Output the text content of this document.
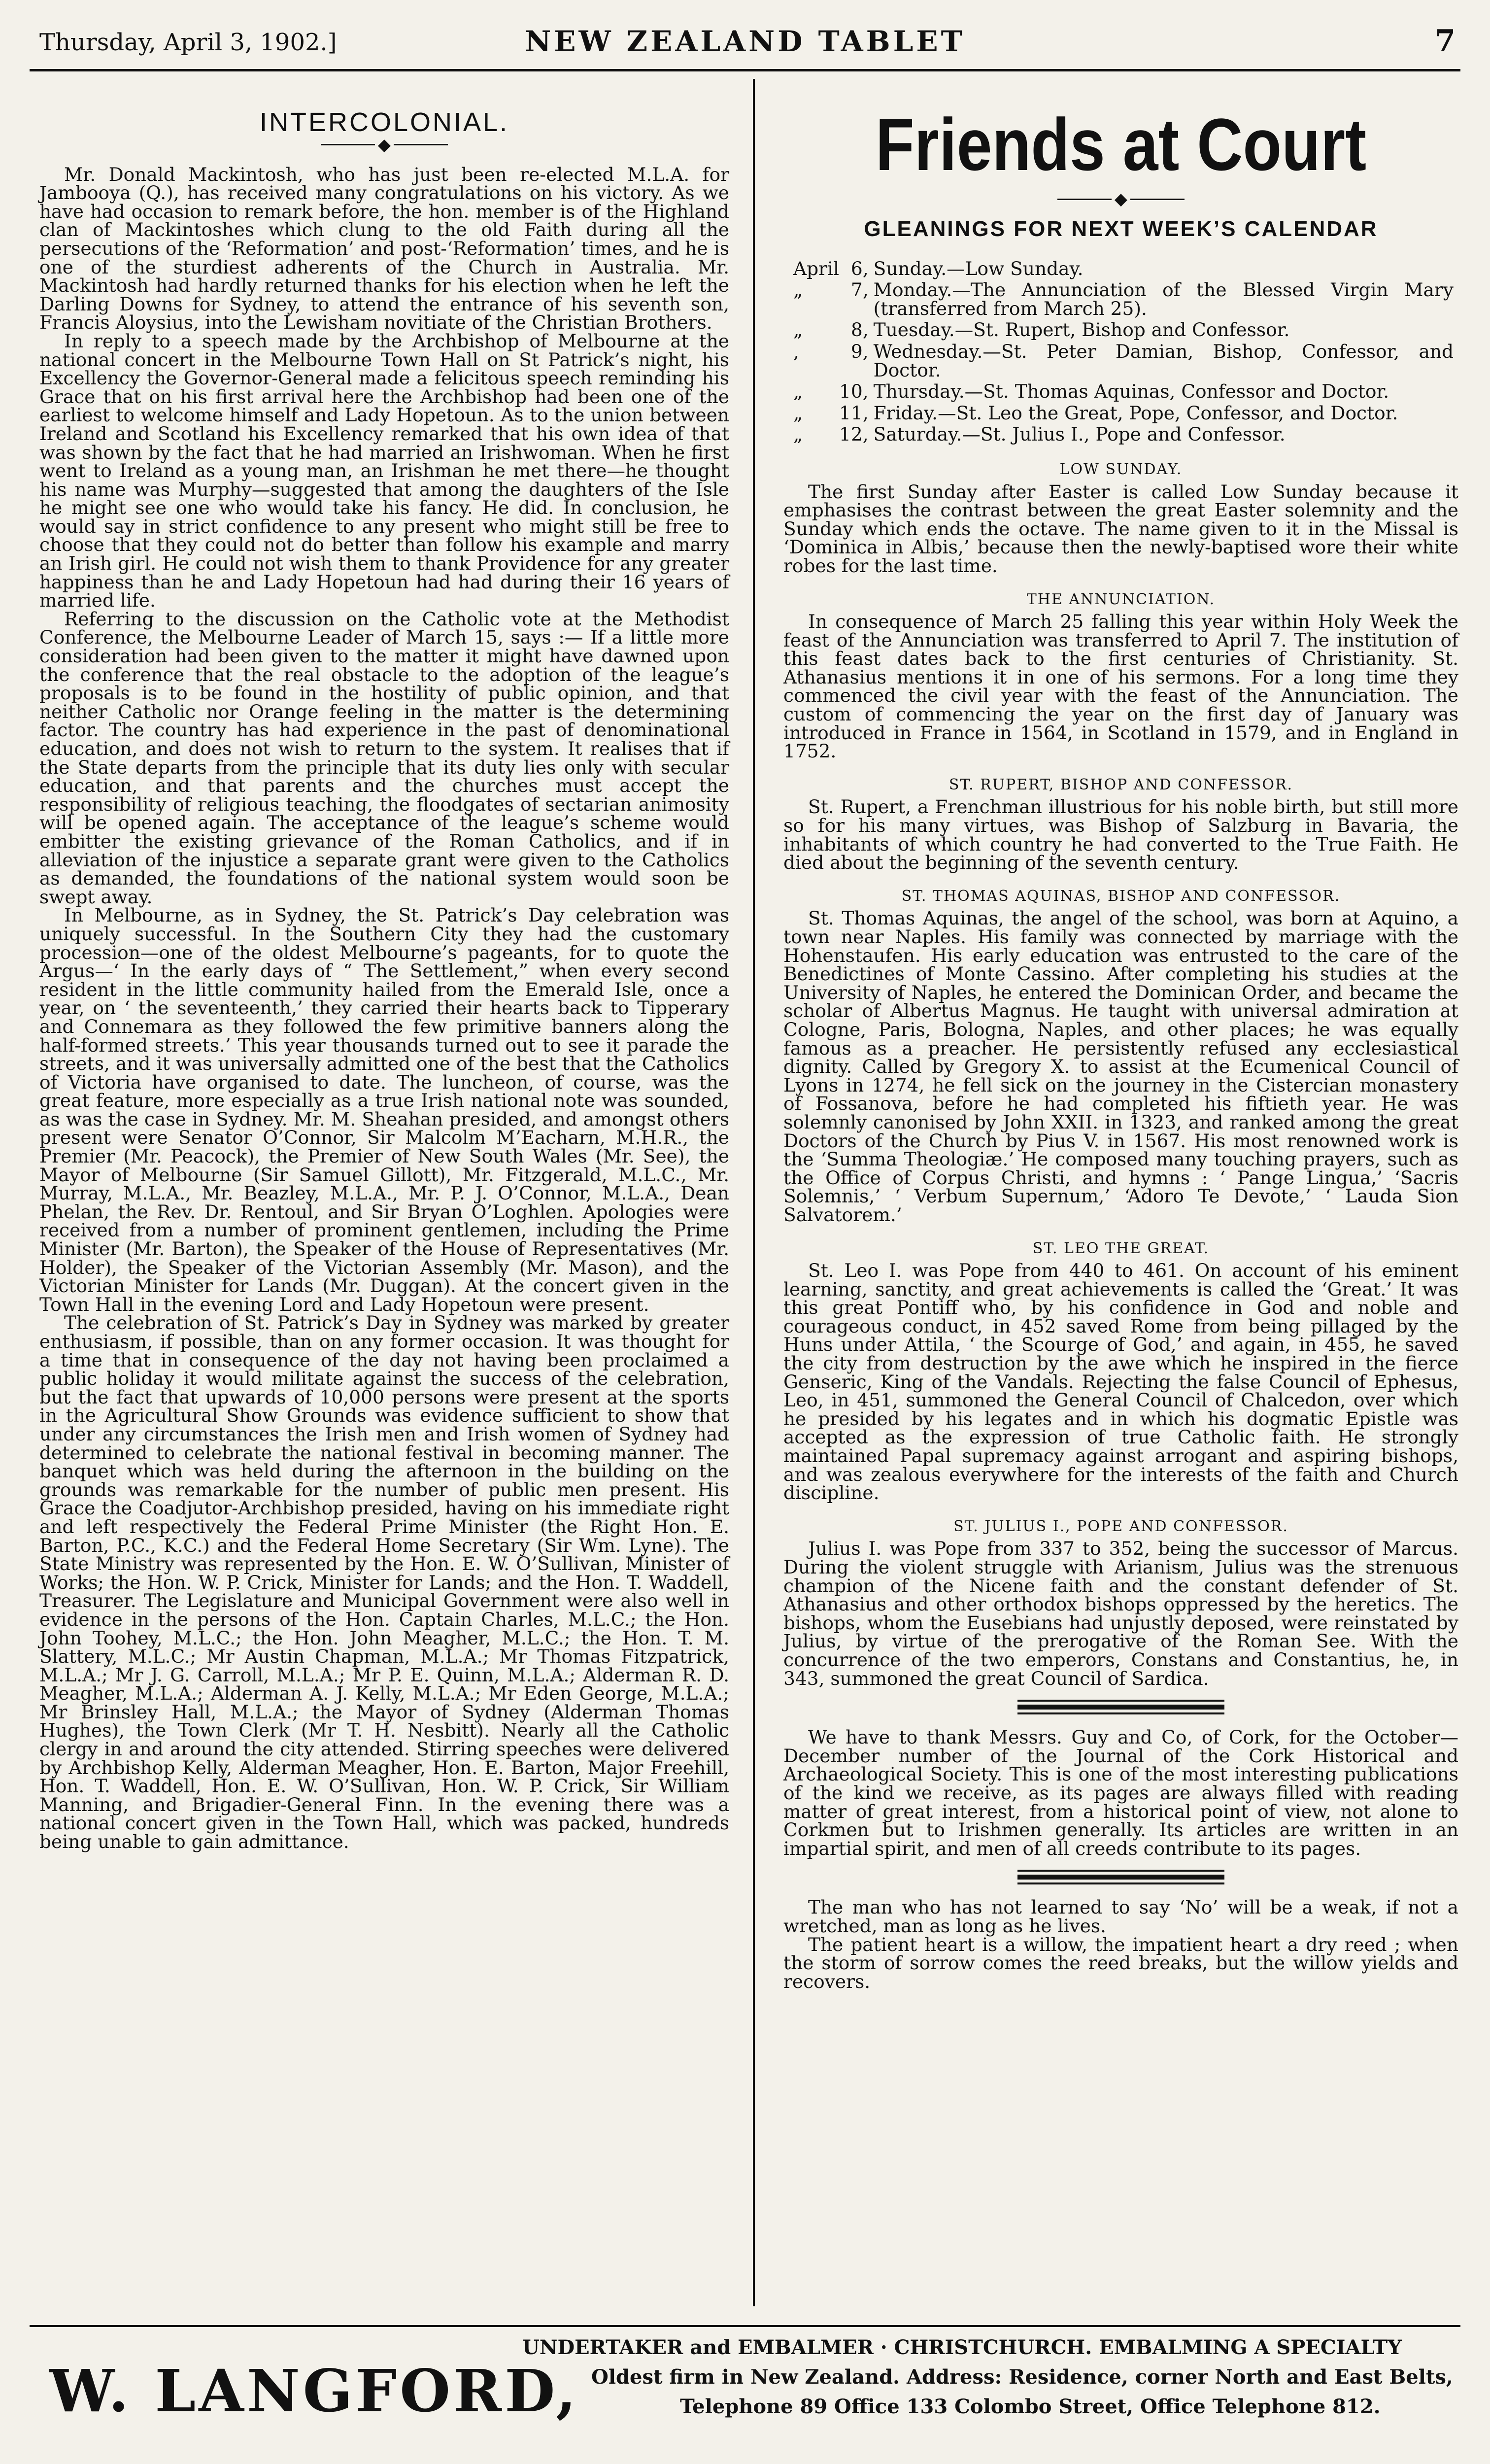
Thursday, April 3, 1902.]	NEW ZEALAND TABLET	7
INTERCOLONIAL.
◆

Mr. Donald Mackintosh, who has just been re-elected M.L.A. for Jambooya (Q.), has received many congratulations on his victory. As we have had occasion to remark before, the hon. member is of the Highland clan of Mackintoshes which clung to the old Faith during all the persecutions of the ‘Reformation’ and post-‘Reformation’ times, and he is one of the sturdiest adherents of the Church in Australia. Mr. Mackintosh had hardly returned thanks for his election when he left the Darling Downs for Sydney, to attend the entrance of his seventh son, Francis Aloysius, into the Lewisham novitiate of the Christian Brothers.

In reply to a speech made by the Archbishop of Melbourne at the national concert in the Melbourne Town Hall on St Patrick’s night, his Excellency the Governor-General made a felicitous speech reminding his Grace that on his first arrival here the Archbishop had been one of the earliest to welcome himself and Lady Hopetoun. As to the union between Ireland and Scotland his Excellency remarked that his own idea of that was shown by the fact that he had married an Irishwoman. When he first went to Ireland as a young man, an Irishman he met there—he thought his name was Murphy—suggested that among the daughters of the Isle he might see one who would take his fancy. He did. In conclusion, he would say in strict confidence to any present who might still be free to choose that they could not do better than follow his example and marry an Irish girl. He could not wish them to thank Providence for any greater happiness than he and Lady Hopetoun had had during their 16 years of married life.

Referring to the discussion on the Catholic vote at the Methodist Conference, the Melbourne Leader of March 15, says :— If a little more consideration had been given to the matter it might have dawned upon the conference that the real obstacle to the adoption of the league’s proposals is to be found in the hostility of public opinion, and that neither Catholic nor Orange feeling in the matter is the determining factor. The country has had experience in the past of denominational education, and does not wish to return to the system. It realises that if the State departs from the principle that its duty lies only with secular education, and that parents and the churches must accept the responsibility of religious teaching, the floodgates of sectarian animosity will be opened again. The acceptance of the league’s scheme would embitter the existing grievance of the Roman Catholics, and if in alleviation of the injustice a separate grant were given to the Catholics as demanded, the foundations of the national system would soon be swept away.

In Melbourne, as in Sydney, the St. Patrick’s Day celebration was uniquely successful. In the Southern City they had the customary procession—one of the oldest Melbourne’s pageants, for to quote the Argus—‘ In the early days of “ The Settlement,” when every second resident in the little community hailed from the Emerald Isle, once a year, on ‘ the seventeenth,’ they carried their hearts back to Tipperary and Connemara as they followed the few primitive banners along the half-formed streets.’ This year thousands turned out to see it parade the streets, and it was universally admitted one of the best that the Catholics of Victoria have organised to date. The luncheon, of course, was the great feature, more especially as a true Irish national note was sounded, as was the case in Sydney. Mr. M. Sheahan presided, and amongst others present were Senator O’Connor, Sir Malcolm M’Eacharn, M.H.R., the Premier (Mr. Peacock), the Premier of New South Wales (Mr. See), the Mayor of Melbourne (Sir Samuel Gillott), Mr. Fitzgerald, M.L.C., Mr. Murray, M.L.A., Mr. Beazley, M.L.A., Mr. P. J. O’Connor, M.L.A., Dean Phelan, the Rev. Dr. Rentoul, and Sir Bryan O’Loghlen. Apologies were received from a number of prominent gentlemen, including the Prime Minister (Mr. Barton), the Speaker of the House of Representatives (Mr. Holder), the Speaker of the Victorian Assembly (Mr. Mason), and the Victorian Minister for Lands (Mr. Duggan). At the concert given in the Town Hall in the evening Lord and Lady Hopetoun were present.

The celebration of St. Patrick’s Day in Sydney was marked by greater enthusiasm, if possible, than on any former occasion. It was thought for a time that in consequence of the day not having been proclaimed a public holiday it would militate against the success of the celebration, but the fact that upwards of 10,000 persons were present at the sports in the Agricultural Show Grounds was evidence sufficient to show that under any circumstances the Irish men and Irish women of Sydney had determined to celebrate the national festival in becoming manner. The banquet which was held during the afternoon in the building on the grounds was remarkable for the number of public men present. His Grace the Coadjutor-Archbishop presided, having on his immediate right and left respectively the Federal Prime Minister (the Right Hon. E. Barton, P.C., K.C.) and the Federal Home Secretary (Sir Wm. Lyne). The State Ministry was represented by the Hon. E. W. O’Sullivan, Minister of Works; the Hon. W. P. Crick, Minister for Lands; and the Hon. T. Waddell, Treasurer. The Legislature and Municipal Government were also well in evidence in the persons of the Hon. Captain Charles, M.L.C.; the Hon. John Toohey, M.L.C.; the Hon. John Meagher, M.L.C.; the Hon. T. M. Slattery, M.L.C.; Mr Austin Chapman, M.L.A.; Mr Thomas Fitzpatrick, M.L.A.; Mr J. G. Carroll, M.L.A.; Mr P. E. Quinn, M.L.A.; Alderman R. D. Meagher, M.L.A.; Alderman A. J. Kelly, M.L.A.; Mr Eden George, M.L.A.; Mr Brinsley Hall, M.L.A.; the Mayor of Sydney (Alderman Thomas Hughes), the Town Clerk (Mr T. H. Nesbitt). Nearly all the Catholic clergy in and around the city attended. Stirring speeches were delivered by Archbishop Kelly, Alderman Meagher, Hon. E. Barton, Major Freehill, Hon. T. Waddell, Hon. E. W. O’Sullivan, Hon. W. P. Crick, Sir William Manning, and Brigadier-General Finn. In the evening there was a national concert given in the Town Hall, which was packed, hundreds being unable to gain admittance.

Friends at Court
◆
GLEANINGS FOR NEXT WEEK’S CALENDAR
April	6,	Sunday.—Low Sunday.
„	7,	Monday.—The Annunciation of the Blessed Virgin Mary (transferred from March 25).
„	8,	Tuesday.—St. Rupert, Bishop and Confessor.
,	9,	Wednesday.—St. Peter Damian, Bishop, Confessor, and Doctor.
„	10,	Thursday.—St. Thomas Aquinas, Confessor and Doctor.
„	11,	Friday.—St. Leo the Great, Pope, Confessor, and Doctor.
„	12,	Saturday.—St. Julius I., Pope and Confessor.
LOW SUNDAY.

The first Sunday after Easter is called Low Sunday because it emphasises the contrast between the great Easter solemnity and the Sunday which ends the octave. The name given to it in the Missal is ‘Dominica in Albis,’ because then the newly-baptised wore their white robes for the last time.

THE ANNUNCIATION.

In consequence of March 25 falling this year within Holy Week the feast of the Annunciation was transferred to April 7. The institution of this feast dates back to the first centuries of Christianity. St. Athanasius mentions it in one of his sermons. For a long time they commenced the civil year with the feast of the Annunciation. The custom of commencing the year on the first day of January was introduced in France in 1564, in Scotland in 1579, and in England in 1752.

ST. RUPERT, BISHOP AND CONFESSOR.

St. Rupert, a Frenchman illustrious for his noble birth, but still more so for his many virtues, was Bishop of Salzburg in Bavaria, the inhabitants of which country he had converted to the True Faith. He died about the beginning of the seventh century.

ST. THOMAS AQUINAS, BISHOP AND CONFESSOR.

St. Thomas Aquinas, the angel of the school, was born at Aquino, a town near Naples. His family was connected by marriage with the Hohenstaufen. His early education was entrusted to the care of the Benedictines of Monte Cassino. After completing his studies at the University of Naples, he entered the Dominican Order, and became the scholar of Albertus Magnus. He taught with universal admiration at Cologne, Paris, Bologna, Naples, and other places; he was equally famous as a preacher. He persistently refused any ecclesiastical dignity. Called by Gregory X. to assist at the Ecumenical Council of Lyons in 1274, he fell sick on the journey in the Cistercian monastery of Fossanova, before he had completed his fiftieth year. He was solemnly canonised by John XXII. in 1323, and ranked among the great Doctors of the Church by Pius V. in 1567. His most renowned work is the ‘Summa Theologiæ.’ He composed many touching prayers, such as the Office of Corpus Christi, and hymns : ‘ Pange Lingua,’ ‘Sacris Solemnis,’ ‘ Verbum Supernum,’ ‘Adoro Te Devote,’ ‘ Lauda Sion Salvatorem.’

ST. LEO THE GREAT.

St. Leo I. was Pope from 440 to 461. On account of his eminent learning, sanctity, and great achievements is called the ‘Great.’ It was this great Pontiff who, by his confidence in God and noble and courageous conduct, in 452 saved Rome from being pillaged by the Huns under Attila, ‘ the Scourge of God,’ and again, in 455, he saved the city from destruction by the awe which he inspired in the fierce Genseric, King of the Vandals. Rejecting the false Council of Ephesus, Leo, in 451, summoned the General Council of Chalcedon, over which he presided by his legates and in which his dogmatic Epistle was accepted as the expression of true Catholic faith. He strongly maintained Papal supremacy against arrogant and aspiring bishops, and was zealous everywhere for the interests of the faith and Church discipline.

ST. JULIUS I., POPE AND CONFESSOR.

Julius I. was Pope from 337 to 352, being the successor of Marcus. During the violent struggle with Arianism, Julius was the strenuous champion of the Nicene faith and the constant defender of St. Athanasius and other orthodox bishops oppressed by the heretics. The bishops, whom the Eusebians had unjustly deposed, were reinstated by Julius, by virtue of the prerogative of the Roman See. With the concurrence of the two emperors, Constans and Constantius, he, in 343, summoned the great Council of Sardica.

We have to thank Messrs. Guy and Co, of Cork, for the October—December number of the Journal of the Cork Historical and Archaeological Society. This is one of the most interesting publications of the kind we receive, as its pages are always filled with reading matter of great interest, from a historical point of view, not alone to Corkmen but to Irishmen generally. Its articles are written in an impartial spirit, and men of all creeds contribute to its pages.

The man who has not learned to say ‘No’ will be a weak, if not a wretched, man as long as he lives.

The patient heart is a willow, the impatient heart a dry reed ; when the storm of sorrow comes the reed breaks, but the willow yields and recovers.

W. LANGFORD,
UNDERTAKER and EMBALMER · CHRISTCHURCH. EMBALMING A SPECIALTY
Oldest firm in New Zealand. Address: Residence, corner North and East Belts,
Telephone 89 Office 133 Colombo Street, Office Telephone 812.
